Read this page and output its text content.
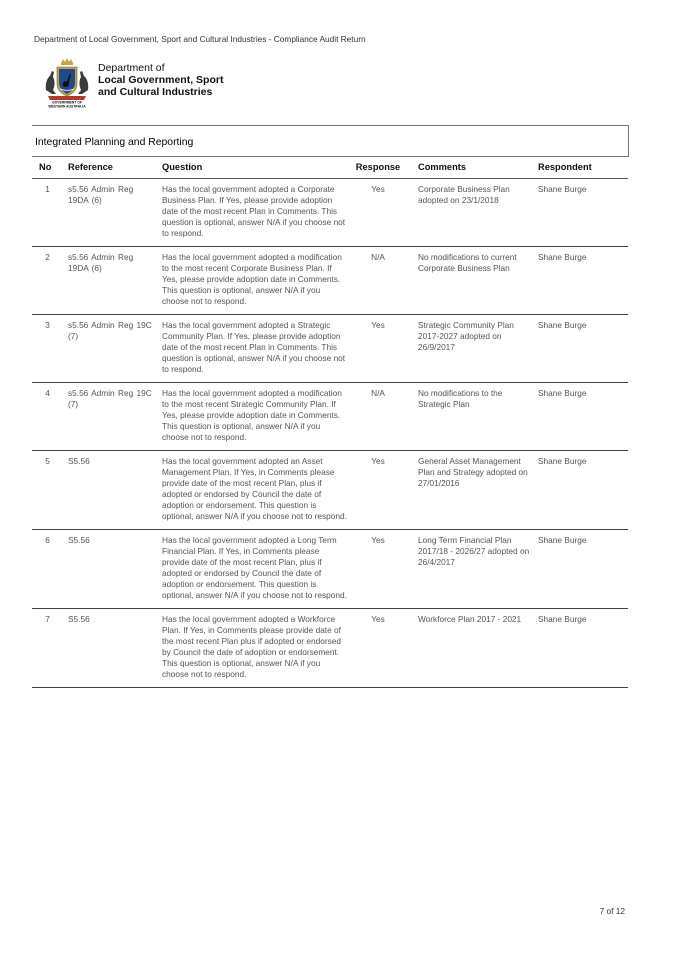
Department of Local Government, Sport and Cultural Industries - Compliance Audit Return
GOVERNMENT OF
WESTERN AUSTRALIA
Department of
Local Government, Sport
and Cultural Industries
Integrated Planning and Reporting					
No	Reference	Question	Response	Comments	Respondent
1	s5.56 Admin Reg 19DA (6)	Has the local government adopted a Corporate Business Plan. If Yes, please provide adoption date of the most recent Plan in Comments. This question is optional, answer N/A if you choose not to respond.	Yes	Corporate Business Plan adopted on 23/1/2018	Shane Burge
2	s5.56 Admin Reg 19DA (6)	Has the local government adopted a modification to the most recent Corporate Business Plan. If Yes, please provide adoption date in Comments. This question is optional, answer N/A if you choose not to respond.	N/A	No modifications to current Corporate Business Plan	Shane Burge
3	s5.56 Admin Reg 19C (7)	Has the local government adopted a Strategic Community Plan. If Yes, please provide adoption date of the most recent Plan in Comments. This question is optional, answer N/A if you choose not to respond.	Yes	Strategic Community Plan 2017-2027 adopted on 26/9/2017	Shane Burge
4	s5.56 Admin Reg 19C (7)	Has the local government adopted a modification to the most recent Strategic Community Plan. If Yes, please provide adoption date in Comments. This question is optional, answer N/A if you choose not to respond.	N/A	No modifications to the Strategic Plan	Shane Burge
5	S5.56	Has the local government adopted an Asset Management Plan. If Yes, in Comments please provide date of the most recent Plan, plus if adopted or endorsed by Council the date of adoption or endorsement. This question is optional, answer N/A if you choose not to respond.	Yes	General Asset Management Plan and Strategy adopted on 27/01/2016	Shane Burge
6	S5.56	Has the local government adopted a Long Term Financial Plan. If Yes, in Comments please provide date of the most recent Plan, plus if adopted or endorsed by Council the date of adoption or endorsement. This question is optional, answer N/A if you choose not to respond.	Yes	Long Term Financial Plan 2017/18 - 2026/27 adopted on 26/4/2017	Shane Burge
7	S5.56	Has the local government adopted a Workforce Plan. If Yes, in Comments please provide date of the most recent Plan plus if adopted or endorsed by Council the date of adoption or endorsement. This question is optional, answer N/A if you choose not to respond.	Yes	Workforce Plan 2017 - 2021	Shane Burge
7 of 12
